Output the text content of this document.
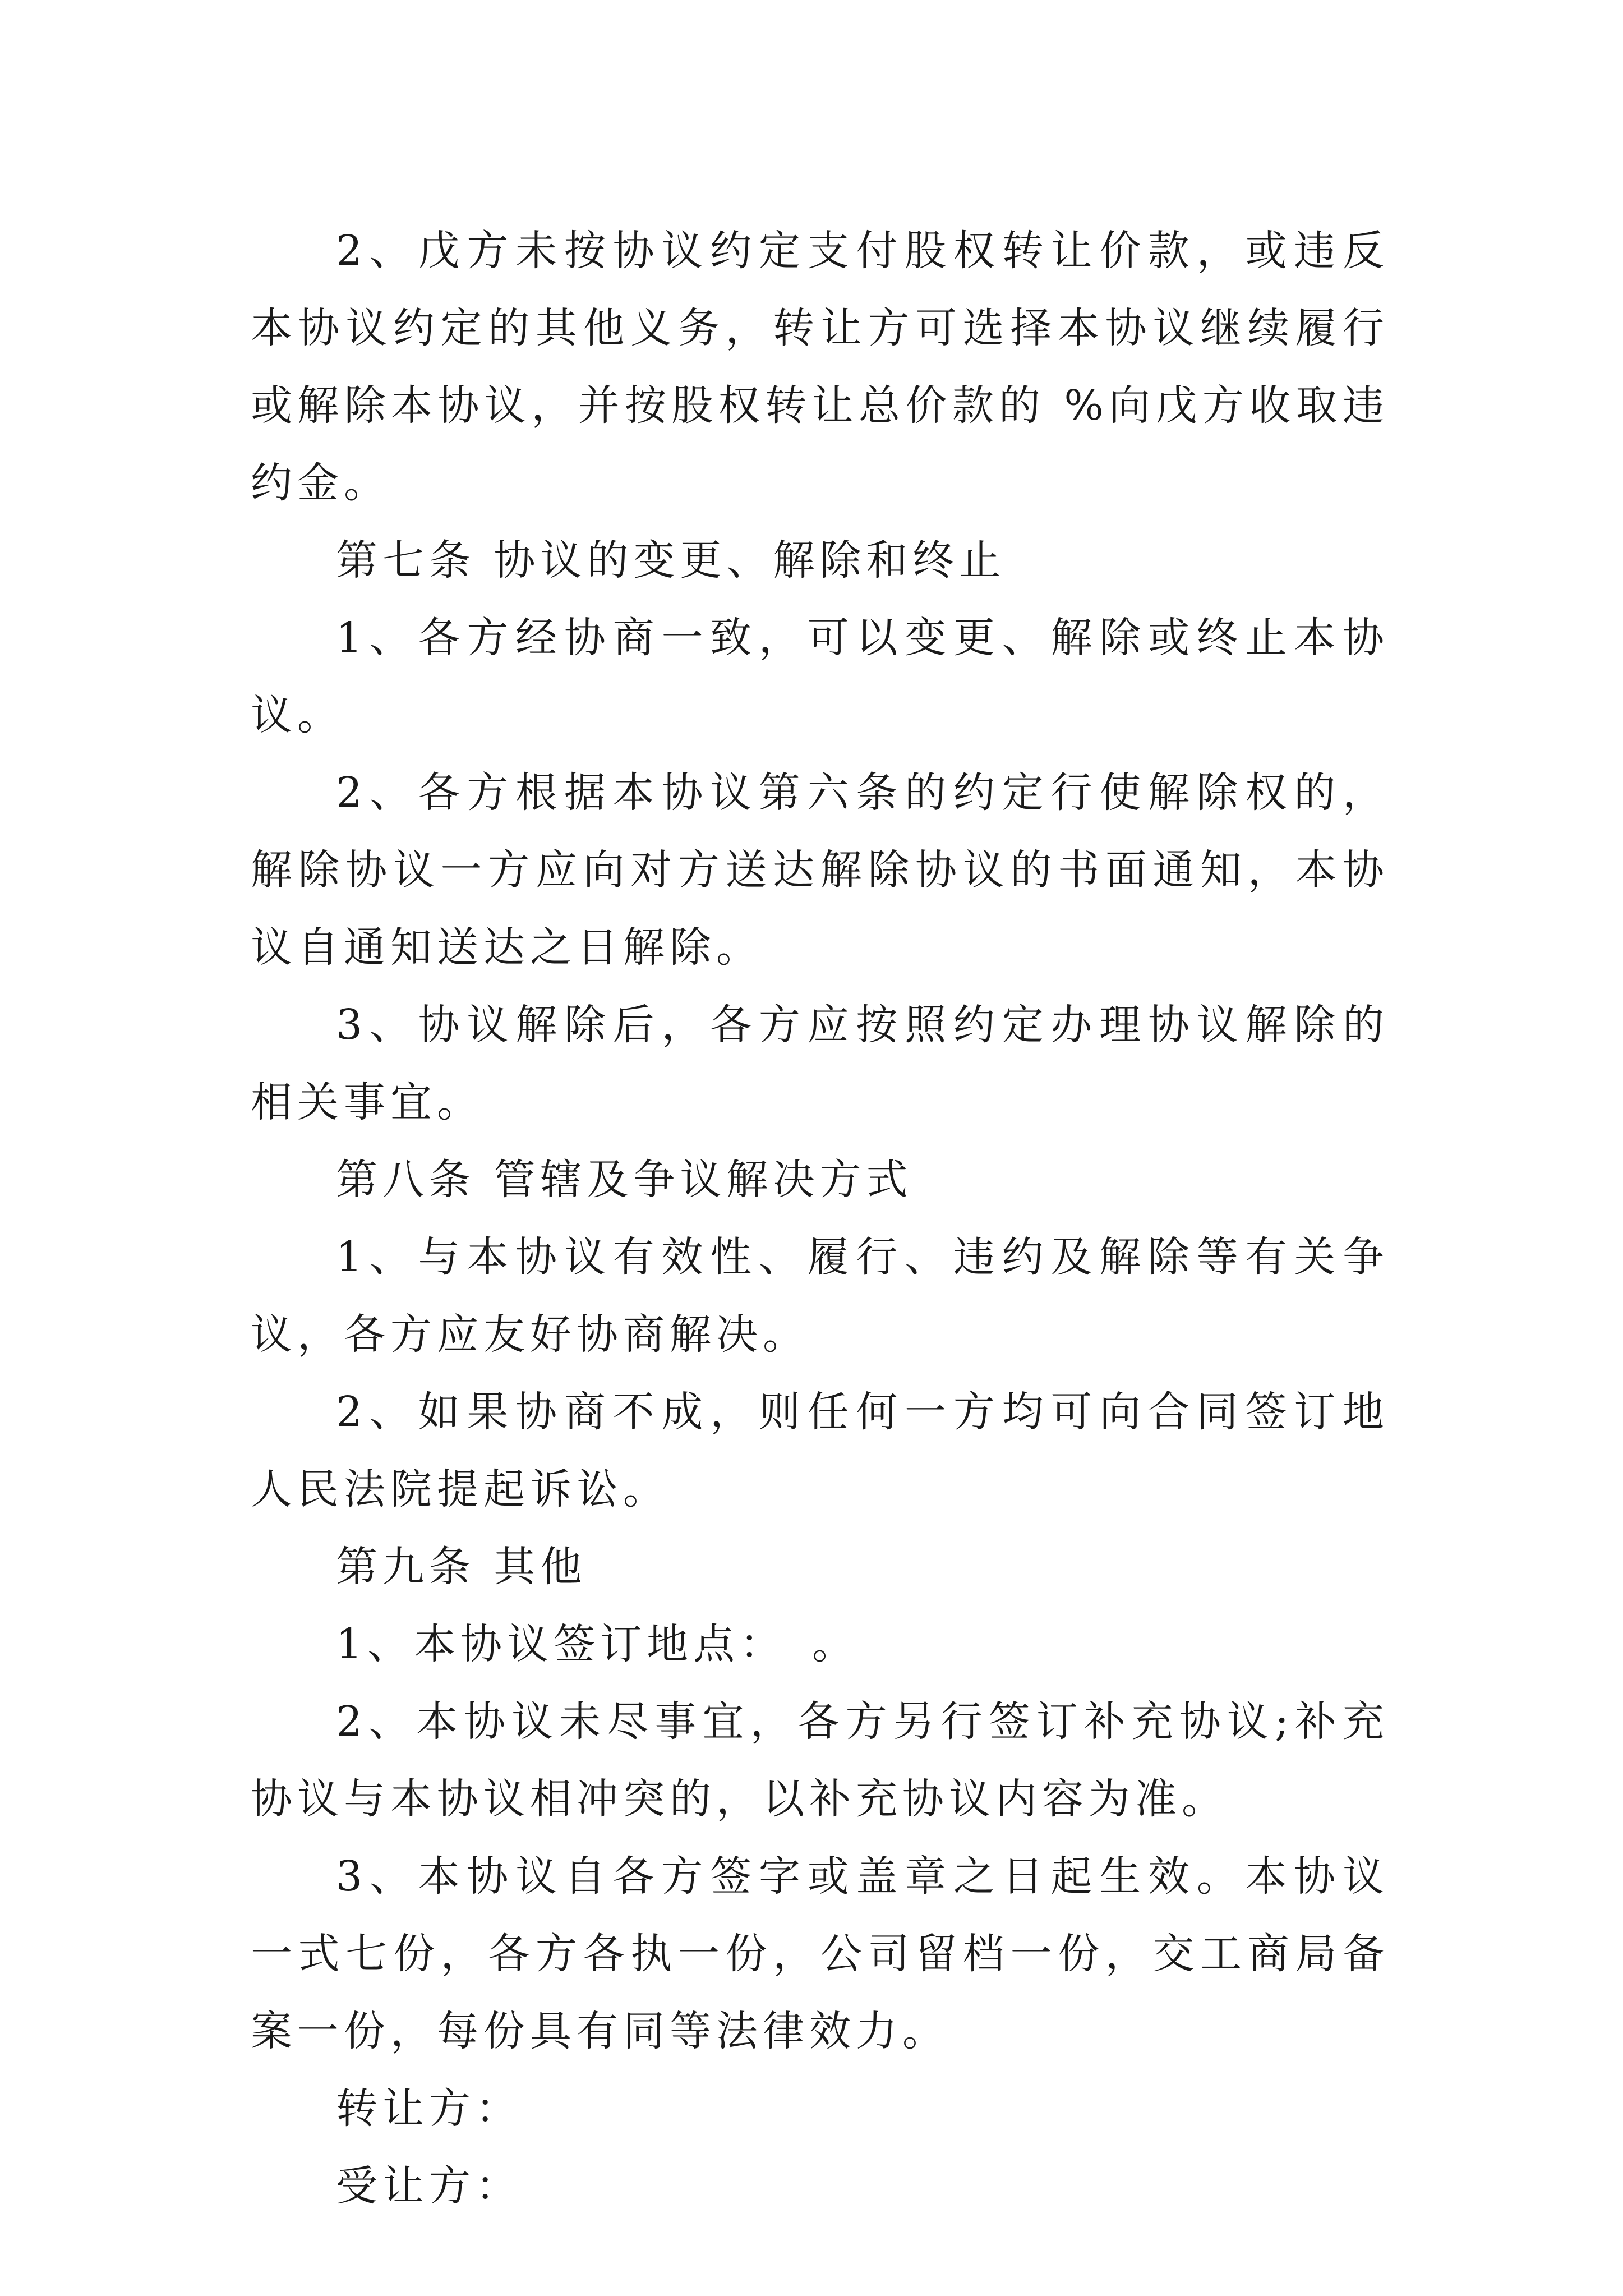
2、戊方未按协议约定支付股权转让价款，或违反本协议约定的其他义务，转让方可选择本协议继续履行或解除本协议，并按股权转让总价款的 %向戊方收取违约金。

第七条 协议的变更、解除和终止

1、各方经协商一致，可以变更、解除或终止本协议。

2、各方根据本协议第六条的约定行使解除权的，解除协议一方应向对方送达解除协议的书面通知，本协议自通知送达之日解除。

3、协议解除后，各方应按照约定办理协议解除的相关事宜。

第八条 管辖及争议解决方式

1、与本协议有效性、履行、违约及解除等有关争议，各方应友好协商解决。

2、如果协商不成，则任何一方均可向合同签订地人民法院提起诉讼。

第九条 其他

1、本协议签订地点：　。

2、本协议未尽事宜，各方另行签订补充协议;补充协议与本协议相冲突的，以补充协议内容为准。

3、本协议自各方签字或盖章之日起生效。本协议一式七份，各方各执一份，公司留档一份，交工商局备案一份，每份具有同等法律效力。

转让方：

受让方：
